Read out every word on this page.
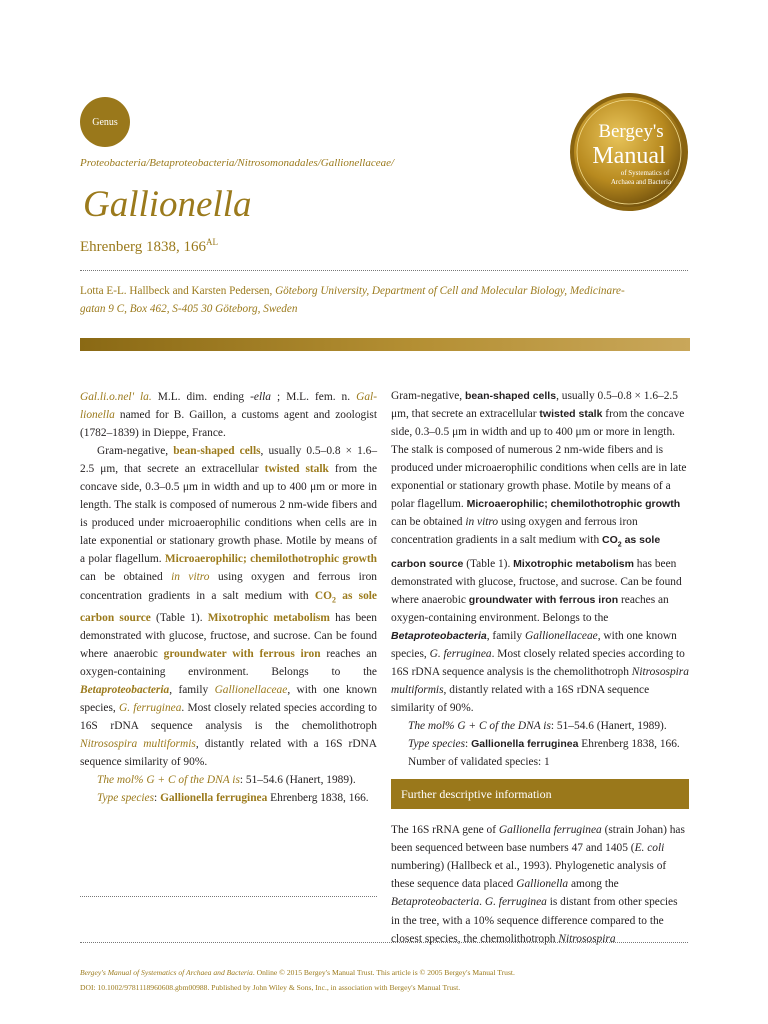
Genus	Bergey's
Manual
of Systematics of
Archaea and Bacteria
Proteobacteria/Betaproteobacteria/Nitrosomonadales/Gallionellaceae/
Gallionella
Ehrenberg 1838, $166^{AL}$
Lotta E-L. Hallbeck and Karsten Pedersen, Göteborg University, Department of Cell and Molecular Biology, Medicinare-
gatan 9 C, Box 462, S-405 30 Göteborg, Sweden

Gal.li.o.nel' la. M.L. dim. ending -ella ; M.L. fem. n. Gal-lionella named for B. Gaillon, a customs agent and zoologist (1782–1839) in Dieppe, France.

Gram-negative, bean-shaped cells, usually 0.5–0.8 × 1.6–2.5 μm, that secrete an extracellular twisted stalk from the concave side, 0.3–0.5 μm in width and up to 400 μm or more in length. The stalk is composed of numerous 2 nm-wide fibers and is produced under microaerophilic conditions when cells are in late exponential or stationary growth phase. Motile by means of a polar flagellum. Microaerophilic; chemilothotrophic growth can be obtained in vitro using oxygen and ferrous iron concentration gradients in a salt medium with $CO_2$ as sole carbon source (Table 1). Mixotrophic metabolism has been demonstrated with glucose, fructose, and sucrose. Can be found where anaerobic groundwater with ferrous iron reaches an oxygen-containing environment. Belongs to the Betaproteobacteria, family Gallionellaceae, with one known species, G. ferruginea. Most closely related species according to 16S rDNA sequence analysis is the chemolithotroph Nitrosospira multiformis, distantly related with a 16S rDNA sequence similarity of 90%.

The mol% G + C of the DNA is: 51–54.6 (Hanert, 1989).

Type species: Gallionella ferruginea Ehrenberg 1838, 166.

Gram-negative, bean-shaped cells, usually 0.5–0.8 × 1.6–2.5 μm, that secrete an extracellular twisted stalk from the concave side, 0.3–0.5 μm in width and up to 400 μm or more in length. The stalk is composed of numerous 2 nm-wide fibers and is produced under microaerophilic conditions when cells are in late exponential or stationary growth phase. Motile by means of a polar flagellum. Microaerophilic; chemilothotrophic growth can be obtained in vitro using oxygen and ferrous iron concentration gradients in a salt medium with $CO_2$ as sole carbon source (Table 1). Mixotrophic metabolism has been demonstrated with glucose, fructose, and sucrose. Can be found where anaerobic groundwater with ferrous iron reaches an oxygen-containing environment. Belongs to the Betaproteobacteria, family Gallionellaceae, with one known species, G. ferruginea. Most closely related species according to 16S rDNA sequence analysis is the chemolithotroph Nitrosospira multiformis, distantly related with a 16S rDNA sequence similarity of 90%.

The mol% G + C of the DNA is: 51–54.6 (Hanert, 1989).

Type species: Gallionella ferruginea Ehrenberg 1838, 166.

Number of validated species: 1

Further descriptive information

The 16S rRNA gene of Gallionella ferruginea (strain Johan) has been sequenced between base numbers 47 and 1405 (E. coli numbering) (Hallbeck et al., 1993). Phylogenetic analysis of these sequence data placed Gallionella among the Betaproteobacteria. G. ferruginea is distant from other species in the tree, with a 10% sequence difference compared to the closest species, the chemolithotroph Nitrosospira

Bergey's Manual of Systematics of Archaea and Bacteria. Online © 2015 Bergey's Manual Trust. This article is © 2005 Bergey's Manual Trust.
DOI: 10.1002/9781118960608.gbm00988. Published by John Wiley & Sons, Inc., in association with Bergey's Manual Trust.
